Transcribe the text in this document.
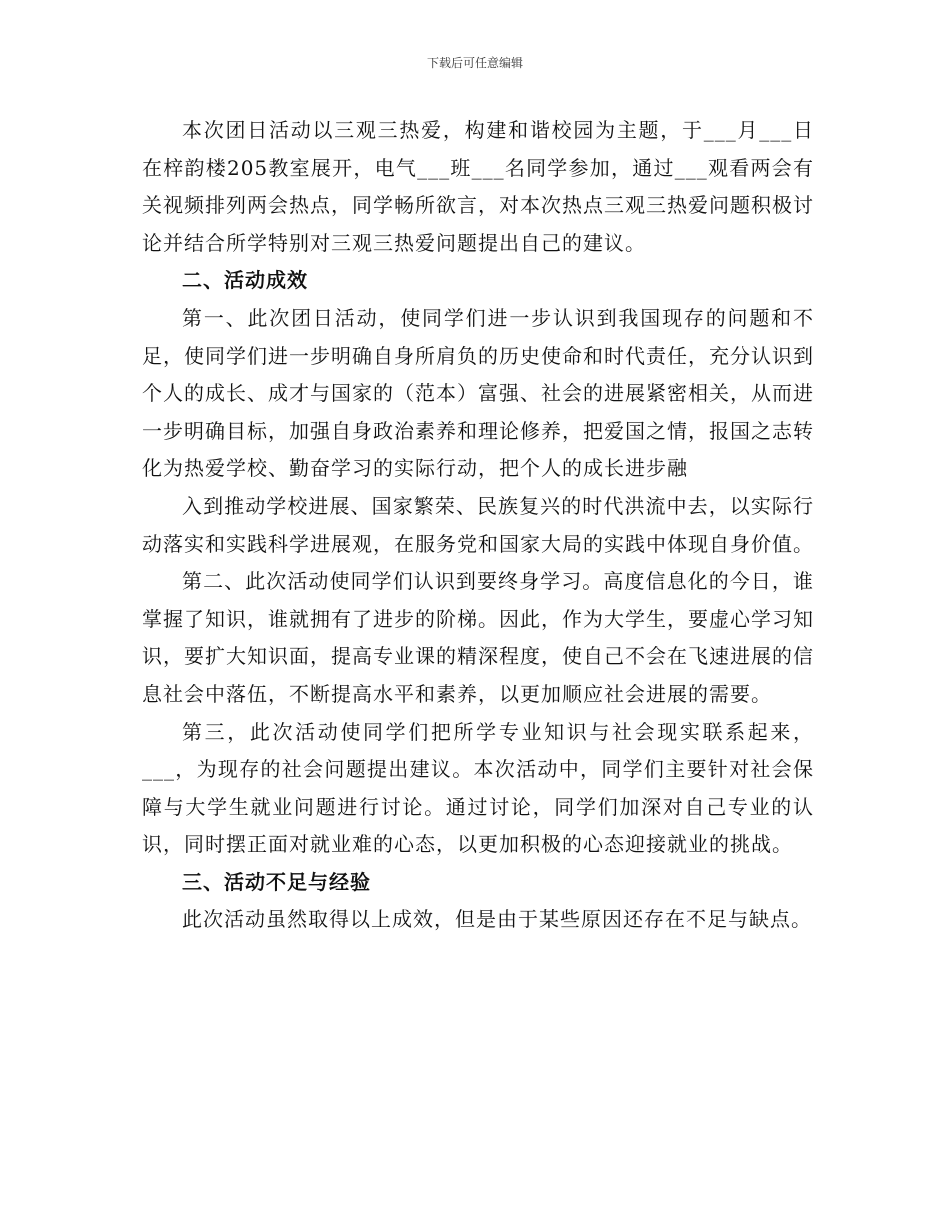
下载后可任意编辑

本次团日活动以三观三热爱，构建和谐校园为主题，于___月___日在梓韵楼205教室展开，电气___班___名同学参加，通过___观看两会有关视频排列两会热点，同学畅所欲言，对本次热点三观三热爱问题积极讨论并结合所学特别对三观三热爱问题提出自己的建议。

二、活动成效

第一、此次团日活动，使同学们进一步认识到我国现存的问题和不足，使同学们进一步明确自身所肩负的历史使命和时代责任，充分认识到个人的成长、成才与国家的（范本）富强、社会的进展紧密相关，从而进一步明确目标，加强自身政治素养和理论修养，把爱国之情，报国之志转化为热爱学校、勤奋学习的实际行动，把个人的成长进步融

入到推动学校进展、国家繁荣、民族复兴的时代洪流中去，以实际行动落实和实践科学进展观，在服务党和国家大局的实践中体现自身价值。

第二、此次活动使同学们认识到要终身学习。高度信息化的今日，谁掌握了知识，谁就拥有了进步的阶梯。因此，作为大学生，要虚心学习知识，要扩大知识面，提高专业课的精深程度，使自己不会在飞速进展的信息社会中落伍，不断提高水平和素养，以更加顺应社会进展的需要。

第三，此次活动使同学们把所学专业知识与社会现实联系起来，___，为现存的社会问题提出建议。本次活动中，同学们主要针对社会保障与大学生就业问题进行讨论。通过讨论，同学们加深对自己专业的认识，同时摆正面对就业难的心态，以更加积极的心态迎接就业的挑战。

三、活动不足与经验

此次活动虽然取得以上成效，但是由于某些原因还存在不足与缺点。
